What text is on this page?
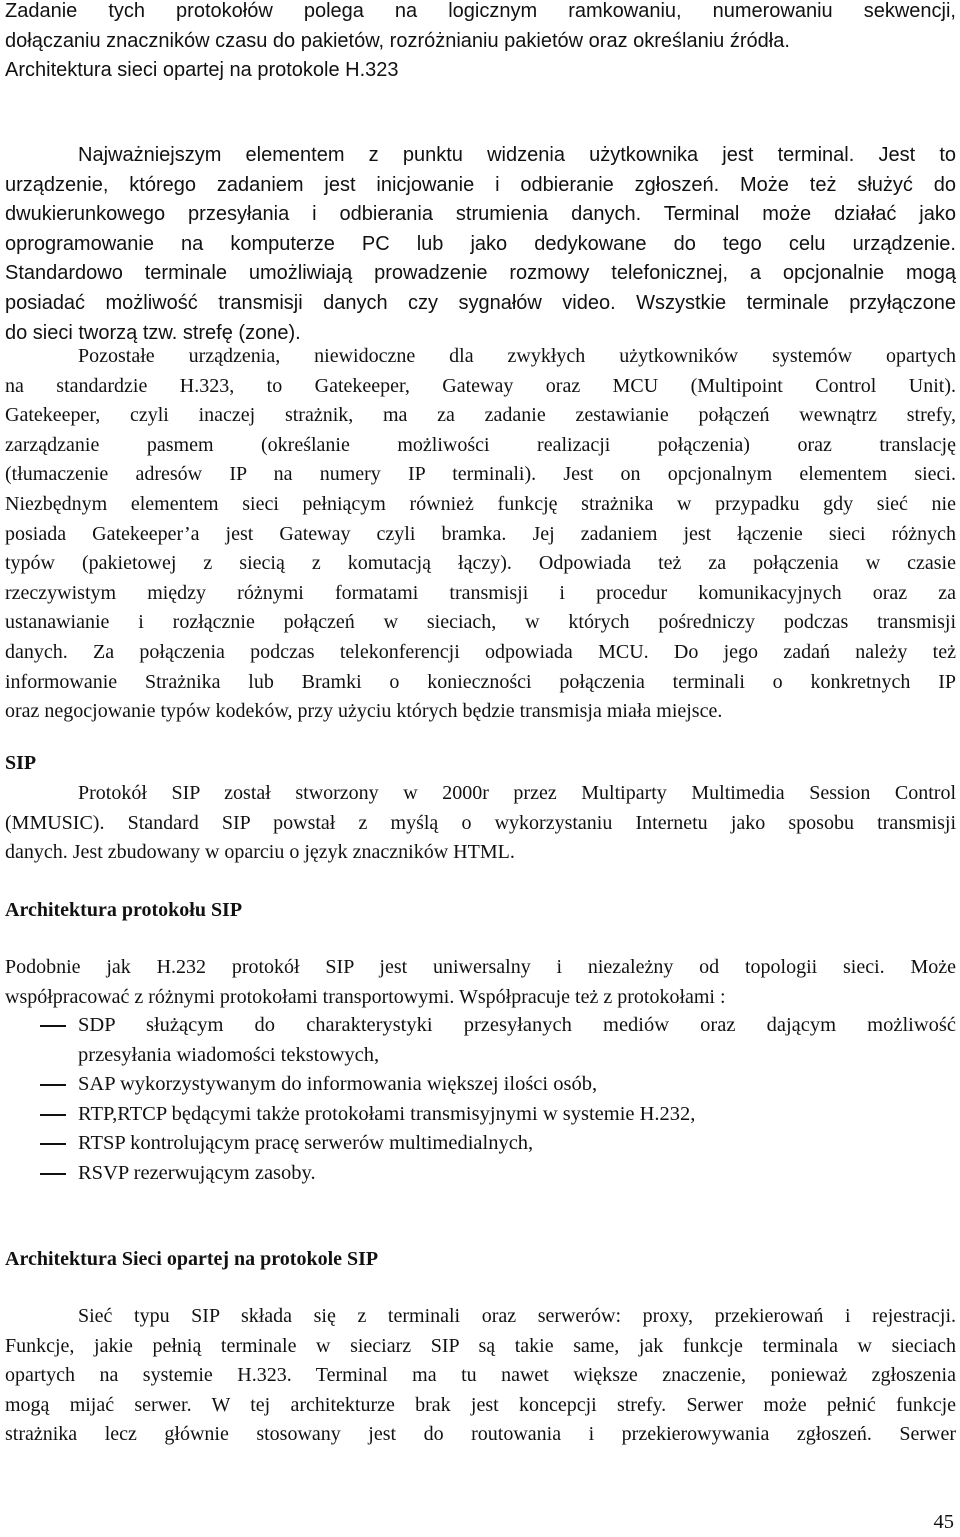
Zadanie tych protokołów polega na logicznym ramkowaniu, numerowaniu sekwencji,
dołączaniu znaczników czasu do pakietów, rozróżnianiu pakietów oraz określaniu źródła.
Architektura sieci opartej na protokole H.323
Najważniejszym elementem z punktu widzenia użytkownika jest terminal. Jest to
urządzenie, którego zadaniem jest inicjowanie i odbieranie zgłoszeń. Może też służyć do
dwukierunkowego przesyłania i odbierania strumienia danych. Terminal może działać jako
oprogramowanie na komputerze PC lub jako dedykowane do tego celu urządzenie.
Standardowo terminale umożliwiają prowadzenie rozmowy telefonicznej, a opcjonalnie mogą
posiadać możliwość transmisji danych czy sygnałów video. Wszystkie terminale przyłączone
do sieci tworzą tzw. strefę (zone).
Pozostałe urządzenia, niewidoczne dla zwykłych użytkowników systemów opartych
na standardzie H.323, to Gatekeeper, Gateway oraz MCU (Multipoint Control Unit).
Gatekeeper, czyli inaczej strażnik, ma za zadanie zestawianie połączeń wewnątrz strefy,
zarządzanie pasmem (określanie możliwości realizacji połączenia) oraz translację
(tłumaczenie adresów IP na numery IP terminali). Jest on opcjonalnym elementem sieci.
Niezbędnym elementem sieci pełniącym również funkcję strażnika w przypadku gdy sieć nie
posiada Gatekeeper’a jest Gateway czyli bramka. Jej zadaniem jest łączenie sieci różnych
typów (pakietowej z siecią z komutacją łączy). Odpowiada też za połączenia w czasie
rzeczywistym między różnymi formatami transmisji i procedur komunikacyjnych oraz za
ustanawianie i rozłącznie połączeń w sieciach, w których pośredniczy podczas transmisji
danych. Za połączenia podczas telekonferencji odpowiada MCU. Do jego zadań należy też
informowanie Strażnika lub Bramki o konieczności połączenia terminali o konkretnych IP
oraz negocjowanie typów kodeków, przy użyciu których będzie transmisja miała miejsce.
SIP
Protokół SIP został stworzony w 2000r przez Multiparty Multimedia Session Control
(MMUSIC). Standard SIP powstał z myślą o wykorzystaniu Internetu jako sposobu transmisji
danych. Jest zbudowany w oparciu o język znaczników HTML.
Architektura protokołu SIP
Podobnie jak H.232 protokół SIP jest uniwersalny i niezależny od topologii sieci. Może
współpracować z różnymi protokołami transportowymi. Współpracuje też z protokołami :
SDP służącym do charakterystyki przesyłanych mediów oraz dającym możliwość
przesyłania wiadomości tekstowych,
SAP wykorzystywanym do informowania większej ilości osób,
RTP,RTCP będącymi także protokołami transmisyjnymi w systemie H.232,
RTSP kontrolującym pracę serwerów multimedialnych,
RSVP rezerwującym zasoby.
Architektura Sieci opartej na protokole SIP
Sieć typu SIP składa się z terminali oraz serwerów: proxy, przekierowań i rejestracji.
Funkcje, jakie pełnią terminale w sieciarz SIP są takie same, jak funkcje terminala w sieciach
opartych na systemie H.323. Terminal ma tu nawet większe znaczenie, ponieważ zgłoszenia
mogą mijać serwer. W tej architekturze brak jest koncepcji strefy. Serwer może pełnić funkcje
strażnika lecz głównie stosowany jest do routowania i przekierowywania zgłoszeń. Serwer
45
